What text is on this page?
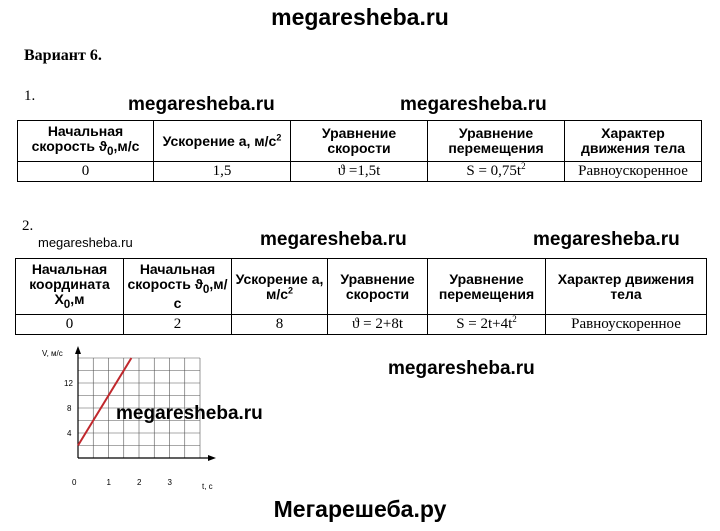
megaresheba.ru
Вариант 6.
1.	megaresheba.ru	megaresheba.ru
Начальная скорость $ϑ_0,м/с$	Ускорение а, $м/с^2$	Уравнение скорости	Уравнение перемещения	Характер движения тела
0	1,5	ϑ =1,5t	$S = 0,75t^2$	Равноускоренное
2.
megaresheba.ru	megaresheba.ru	megaresheba.ru
Начальная координата $X_0,м$	Начальная скорость $ϑ_0,м/с$	Ускорение а, $м/с^2$	Уравнение скорости	Уравнение перемещения	Характер движения тела
0	2	8	ϑ = 2+8t	$S = 2t+4t^2$	Равноускоренное
V, м/с
t, с
0	1	2	3
4
8
12
megaresheba.ru
megaresheba.ru
Мегарешеба.ру
